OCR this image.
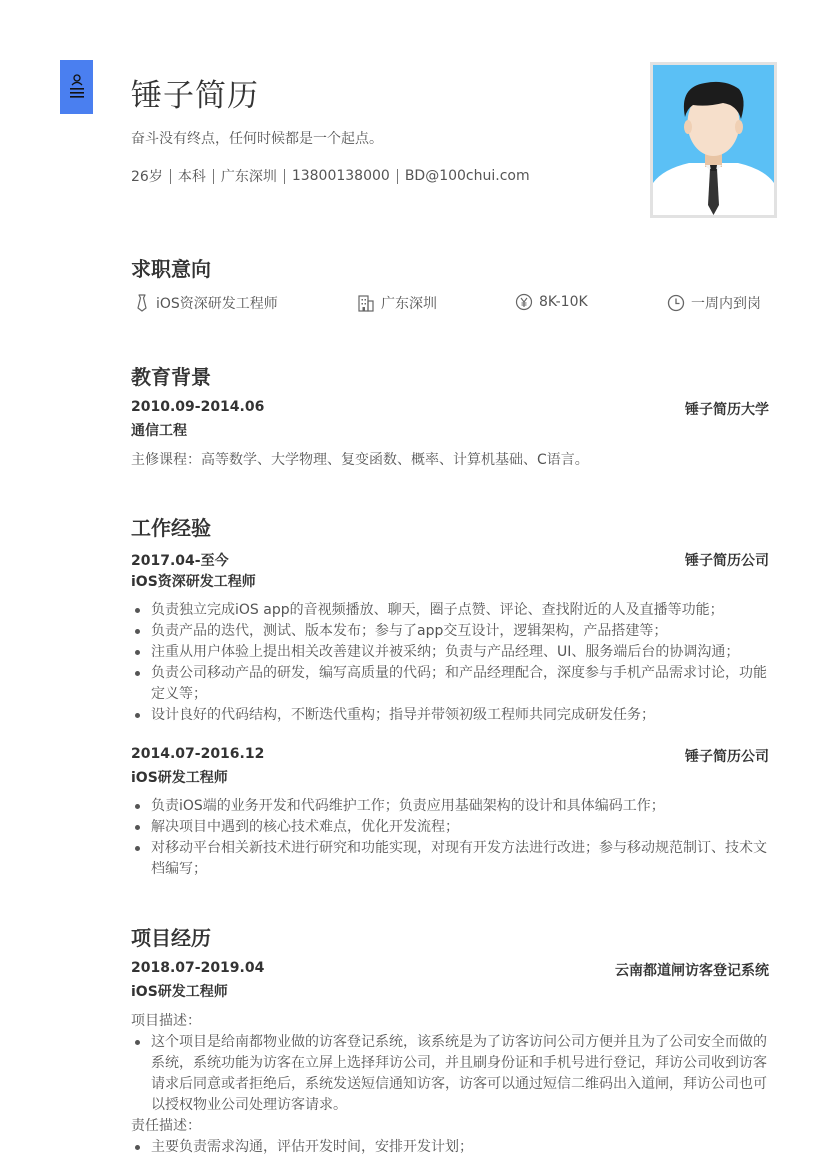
锤子简历
奋斗没有终点，任何时候都是一个起点。
26岁 本科 广东深圳 13800138000 BD@100chui.com
求职意向
iOS资深研发工程师	广东深圳	8K-10K	一周内到岗
教育背景
2010.09-2014.06	锤子简历大学
通信工程
主修课程：高等数学、大学物理、复变函数、概率、计算机基础、C语言。
工作经验
2017.04-至今	锤子简历公司
iOS资深研发工程师
负责独立完成iOS app的音视频播放、聊天，圈子点赞、评论、查找附近的人及直播等功能；
负责产品的迭代，测试、版本发布；参与了app交互设计，逻辑架构，产品搭建等；
注重从用户体验上提出相关改善建议并被采纳；负责与产品经理、UI、服务端后台的协调沟通；
负责公司移动产品的研发，编写高质量的代码；和产品经理配合，深度参与手机产品需求讨论，功能定义等；
设计良好的代码结构，不断迭代重构；指导并带领初级工程师共同完成研发任务；
2014.07-2016.12	锤子简历公司
iOS研发工程师
负责iOS端的业务开发和代码维护工作；负责应用基础架构的设计和具体编码工作；
解决项目中遇到的核心技术难点，优化开发流程；
对移动平台相关新技术进行研究和功能实现，对现有开发方法进行改进；参与移动规范制订、技术文档编写；
项目经历
2018.07-2019.04	云南都道闸访客登记系统
iOS研发工程师
项目描述：
这个项目是给南都物业做的访客登记系统，该系统是为了访客访问公司方便并且为了公司安全而做的系统，系统功能为访客在立屏上选择拜访公司，并且刷身份证和手机号进行登记，拜访公司收到访客请求后同意或者拒绝后，系统发送短信通知访客，访客可以通过短信二维码出入道闸，拜访公司也可以授权物业公司处理访客请求。
责任描述：
主要负责需求沟通，评估开发时间，安排开发计划；
